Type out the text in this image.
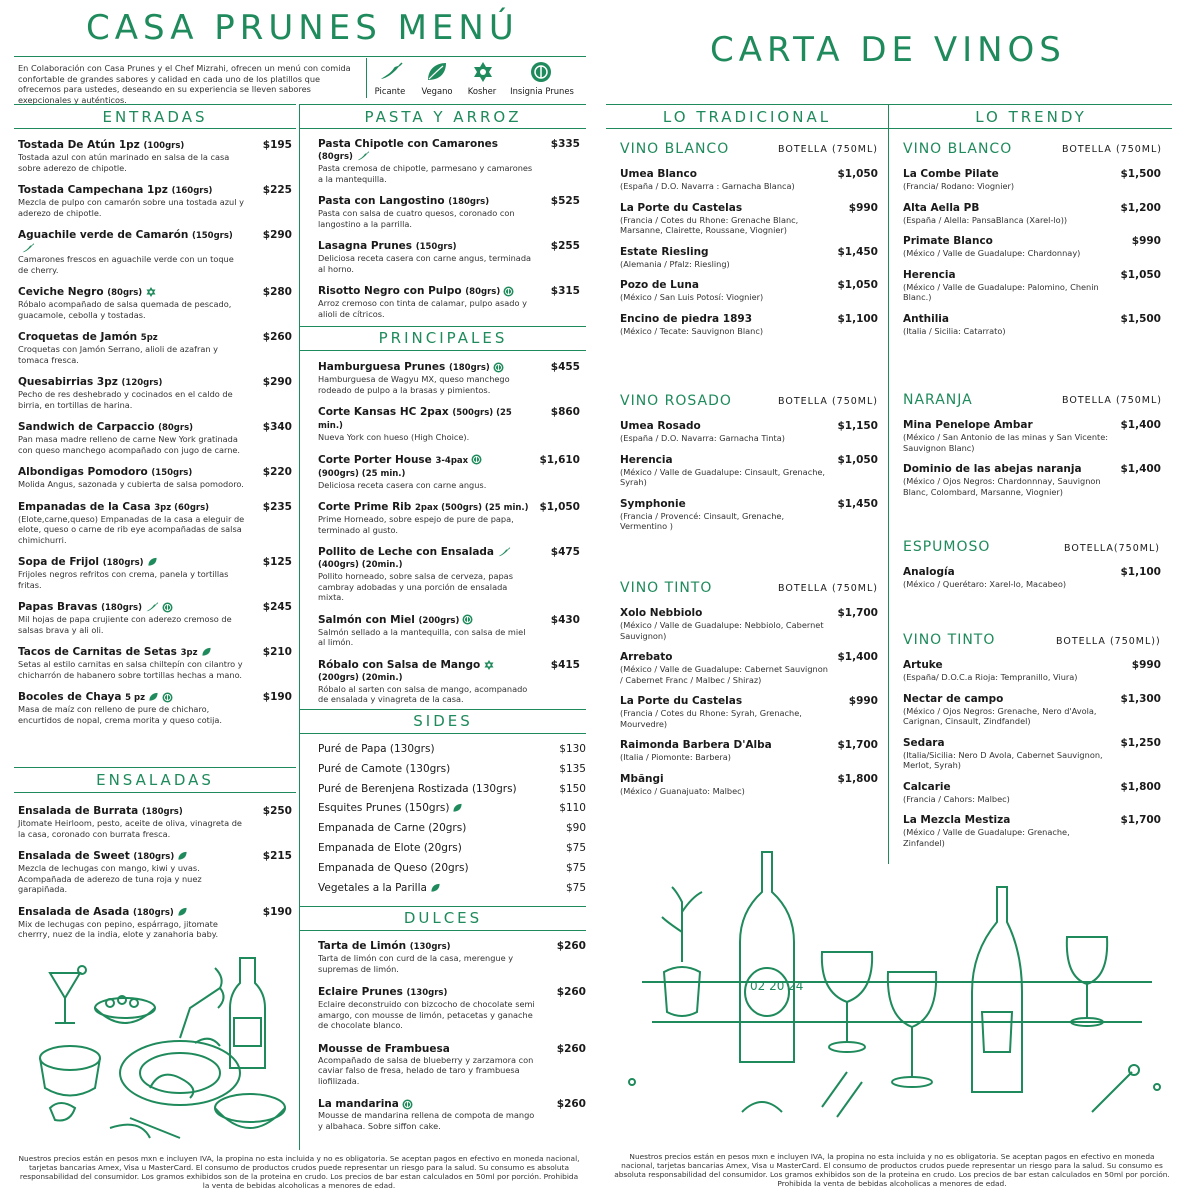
CASA PRUNES MENÚ
En Colaboración con Casa Prunes y el Chef Mizrahi, ofrecen un menú con comida confortable de grandes sabores y calidad en cada uno de los platillos que ofrecemos para ustedes, deseando en su experiencia se lleven sabores exepcionales y auténticos.
Picante	Vegano	Kosher	Insignia Prunes
ENTRADAS	PASTA Y ARROZ
Tostada De Atún 1pz (100grs)	$195
Tostada azul con atún marinado en salsa de la casa sobre aderezo de chipotle.
Tostada Campechana 1pz (160grs)	$225
Mezcla de pulpo con camarón sobre una tostada azul y aderezo de chipotle.
Aguachile verde de Camarón (150grs)	$290
Camarones frescos en aguachile verde con un toque de cherry.
Ceviche Negro (80grs)	$280
Róbalo acompañado de salsa quemada de pescado, guacamole, cebolla y tostadas.
Croquetas de Jamón 5pz	$260
Croquetas con Jamón Serrano, alioli de azafran y tomaca fresca.
Quesabirrias 3pz (120grs)	$290
Pecho de res deshebrado y cocinados en el caldo de birria, en tortillas de harina.
Sandwich de Carpaccio (80grs)	$340
Pan masa madre relleno de carne New York gratinada con queso manchego acompañado con jugo de carne.
Albondigas Pomodoro (150grs)	$220
Molida Angus, sazonada y cubierta de salsa pomodoro.
Empanadas de la Casa 3pz (60grs)	$235
(Elote,carne,queso) Empanadas de la casa a eleguir de elote, queso o carne de rib eye acompañadas de salsa chimichurri.
Sopa de Frijol (180grs)	$125
Frijoles negros refritos con crema, panela y tortillas fritas.
Papas Bravas (180grs)	$245
Mil hojas de papa crujiente con aderezo cremoso de salsas brava y ali oli.
Tacos de Carnitas de Setas 3pz	$210
Setas al estilo carnitas en salsa chiltepín con cilantro y chicharrón de habanero sobre tortillas hechas a mano.
Bocoles de Chaya 5 pz	$190
Masa de maíz con relleno de pure de chicharo, encurtidos de nopal, crema morita y queso cotija.
ENSALADAS
Ensalada de Burrata (180grs)	$250
Jitomate Heirloom, pesto, aceite de oliva, vinagreta de la casa, coronado con burrata fresca.
Ensalada de Sweet (180grs)	$215
Mezcla de lechugas con mango, kiwi y uvas. Acompañada de aderezo de tuna roja y nuez garapiñada.
Ensalada de Asada (180grs)	$190
Mix de lechugas con pepino, espárrago, jitomate cherrry, nuez de la india, elote y zanahoria baby.
Pasta Chipotle con Camarones (80grs)
$335
Pasta cremosa de chipotle, parmesano y camarones a la mantequilla.
Pasta con Langostino (180grs)	$525
Pasta con salsa de cuatro quesos, coronado con langostino a la parrilla.
Lasagna Prunes (150grs)	$255
Deliciosa receta casera con carne angus, terminada al horno.
Risotto Negro con Pulpo (80grs)	$315
Arroz cremoso con tinta de calamar, pulpo asado y alioli de cítricos.
PRINCIPALES
Hamburguesa Prunes (180grs)	$455
Hamburguesa de Wagyu MX, queso manchego rodeado de pulpo a la brasas y pimientos.
Corte Kansas HC 2pax (500grs) (25 min.)
$860
Nueva York con hueso (High Choice).
Corte Porter House 3-4pax
(900grs) (25 min.)
$1,610
Deliciosa receta casera con carne angus.
Corte Prime Rib 2pax (500grs) (25 min.)	$1,050
Prime Horneado, sobre espejo de pure de papa, terminado al gusto.
Pollito de Leche con Ensalada
(400grs) (20min.)
$475
Pollito horneado, sobre salsa de cerveza, papas cambray adobadas y una porción de ensalada mixta.
Salmón con Miel (200grs)	$430
Salmón sellado a la mantequilla, con salsa de miel al limón.
Róbalo con Salsa de Mango
(200grs) (20min.)
$415
Róbalo al sarten con salsa de mango, acompanado de ensalada y vinagreta de la casa.
SIDES
Puré de Papa (130grs)	$130
Puré de Camote (130grs)	$135
Puré de Berenjena Rostizada (130grs)	$150
Esquites Prunes (150grs)	$110
Empanada de Carne (20grs)	$90
Empanada de Elote (20grs)	$75
Empanada de Queso (20grs)	$75
Vegetales a la Parilla	$75
DULCES
Tarta de Limón (130grs)	$260
Tarta de limón con curd de la casa, merengue y supremas de limón.
Eclaire Prunes (130grs)	$260
Eclaire deconstruido con bizcocho de chocolate semi amargo, con mousse de limón, petacetas y ganache de chocolate blanco.
Mousse de Frambuesa	$260
Acompañado de salsa de blueberry y zarzamora con caviar falso de fresa, helado de taro y frambuesa liofilizada.
La mandarina	$260
Mousse de mandarina rellena de compota de mango y albahaca. Sobre siffon cake.
Nuestros precios están en pesos mxn e incluyen IVA, la propina no esta incluida y no es obligatoria. Se aceptan pagos en efectivo en moneda nacional, tarjetas bancarias Amex, Visa u MasterCard. El consumo de productos crudos puede representar un riesgo para la salud. Su consumo es absoluta responsabilidad del consumidor. Los gramos exhibidos son de la proteina en crudo. Los precios de bar estan calculados en 50ml por porción. Prohibida la venta de bebidas alcoholicas a menores de edad.
CARTA DE VINOS
LO TRADICIONAL	LO TRENDY
VINO BLANCO	BOTELLA (750ML)
Umea Blanco	$1,050
(España / D.O. Navarra : Garnacha Blanca)
La Porte du Castelas	$990
(Francia / Cotes du Rhone: Grenache Blanc, Marsanne, Clairette, Roussane, Viognier)
Estate Riesling	$1,450
(Alemania / Pfalz: Riesling)
Pozo de Luna	$1,050
(México / San Luis Potosí: Viognier)
Encino de piedra 1893	$1,100
(México / Tecate: Sauvignon Blanc)
VINO ROSADO	BOTELLA (750ML)
Umea Rosado	$1,150
(España / D.O. Navarra: Garnacha Tinta)
Herencia	$1,050
(México / Valle de Guadalupe: Cinsault, Grenache, Syrah)
Symphonie	$1,450
(Francia / Provencé: Cinsault, Grenache, Vermentino )
VINO TINTO	BOTELLA (750ML)
Xolo Nebbiolo	$1,700
(México / Valle de Guadalupe: Nebbiolo, Cabernet Sauvignon)
Arrebato	$1,400
(México / Valle de Guadalupe: Cabernet Sauvignon / Cabernet Franc / Malbec / Shiraz)
La Porte du Castelas	$990
(Francia / Cotes du Rhone: Syrah, Grenache, Mourvedre)
Raimonda Barbera D'Alba	$1,700
(Italia / Piomonte: Barbera)
Mbãngi	$1,800
(México / Guanajuato: Malbec)
VINO BLANCO	BOTELLA (750ML)
La Combe Pilate	$1,500
(Francia/ Rodano: Viognier)
Alta Aella PB	$1,200
(España / Alella: PansaBlanca (Xarel-lo))
Primate Blanco	$990
(México / Valle de Guadalupe: Chardonnay)
Herencia	$1,050
(México / Valle de Guadalupe: Palomino, Chenin Blanc.)
Anthilia	$1,500
(Italia / Sicilia: Catarrato)
NARANJA	BOTELLA (750ML)
Mina Penelope Ambar	$1,400
(México / San Antonio de las minas y San Vicente: Sauvignon Blanc)
Dominio de las abejas naranja	$1,400
(México / Ojos Negros: Chardonnnay, Sauvignon Blanc, Colombard, Marsanne, Viognier)
ESPUMOSO	BOTELLA(750ML)
Analogía	$1,100
(México / Querétaro: Xarel-lo, Macabeo)
VINO TINTO	BOTELLA (750ML))
Artuke	$990
(España/ D.O.C.a Rioja: Tempranillo, Viura)
Nectar de campo	$1,300
(México / Ojos Negros: Grenache, Nero d'Avola, Carignan, Cinsault, Zindfandel)
Sedara	$1,250
(Italia/Sicilia: Nero D Avola, Cabernet Sauvignon, Merlot, Syrah)
Calcarie	$1,800
(Francia / Cahors: Malbec)
La Mezcla Mestiza	$1,700
(México / Valle de Guadalupe: Grenache, Zinfandel)
02 20 24
Nuestros precios están en pesos mxn e incluyen IVA, la propina no esta incluida y no es obligatoria. Se aceptan pagos en efectivo en moneda nacional, tarjetas bancarias Amex, Visa u MasterCard. El consumo de productos crudos puede representar un riesgo para la salud. Su consumo es absoluta responsabilidad del consumidor. Los gramos exhibidos son de la proteina en crudo. Los precios de bar estan calculados en 50ml por porción. Prohibida la venta de bebidas alcoholicas a menores de edad.
